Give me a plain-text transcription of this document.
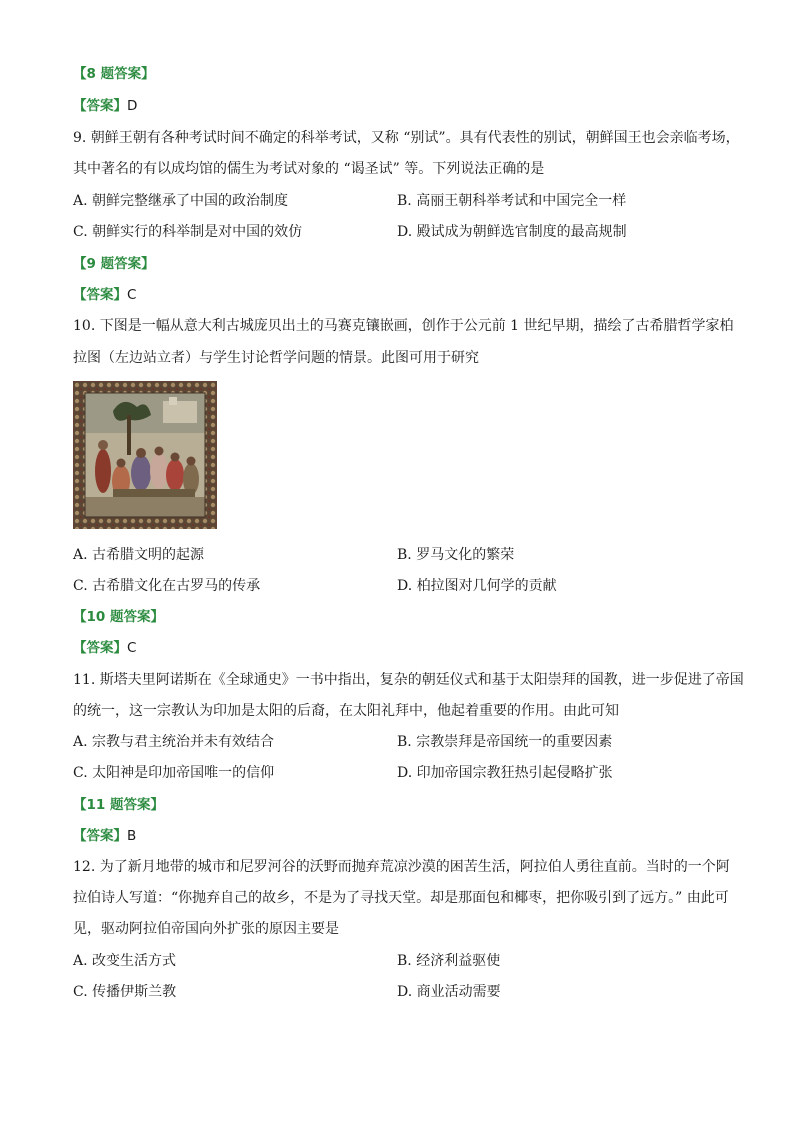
【8 题答案】
【答案】D
9. 朝鲜王朝有各种考试时间不确定的科举考试，又称 “别试”。具有代表性的别试，朝鲜国王也会亲临考场，
其中著名的有以成均馆的儒生为考试对象的 “谒圣试” 等。下列说法正确的是
A. 朝鲜完整继承了中国的政治制度	B. 高丽王朝科举考试和中国完全一样
C. 朝鲜实行的科举制是对中国的效仿	D. 殿试成为朝鲜选官制度的最高规制
【9 题答案】
【答案】C
10. 下图是一幅从意大利古城庞贝出土的马赛克镶嵌画，创作于公元前 1 世纪早期，描绘了古希腊哲学家柏
拉图（左边站立者）与学生讨论哲学问题的情景。此图可用于研究
A. 古希腊文明的起源	B. 罗马文化的繁荣
C. 古希腊文化在古罗马的传承	D. 柏拉图对几何学的贡献
【10 题答案】
【答案】C
11. 斯塔夫里阿诺斯在《全球通史》一书中指出，复杂的朝廷仪式和基于太阳崇拜的国教，进一步促进了帝国
的统一，这一宗教认为印加是太阳的后裔，在太阳礼拜中，他起着重要的作用。由此可知
A. 宗教与君主统治并未有效结合	B. 宗教崇拜是帝国统一的重要因素
C. 太阳神是印加帝国唯一的信仰	D. 印加帝国宗教狂热引起侵略扩张
【11 题答案】
【答案】B
12. 为了新月地带的城市和尼罗河谷的沃野而抛弃荒凉沙漠的困苦生活，阿拉伯人勇往直前。当时的一个阿
拉伯诗人写道：“你抛弃自己的故乡，不是为了寻找天堂。却是那面包和椰枣，把你吸引到了远方。” 由此可
见，驱动阿拉伯帝国向外扩张的原因主要是
A. 改变生活方式	B. 经济利益驱使
C. 传播伊斯兰教	D. 商业活动需要
